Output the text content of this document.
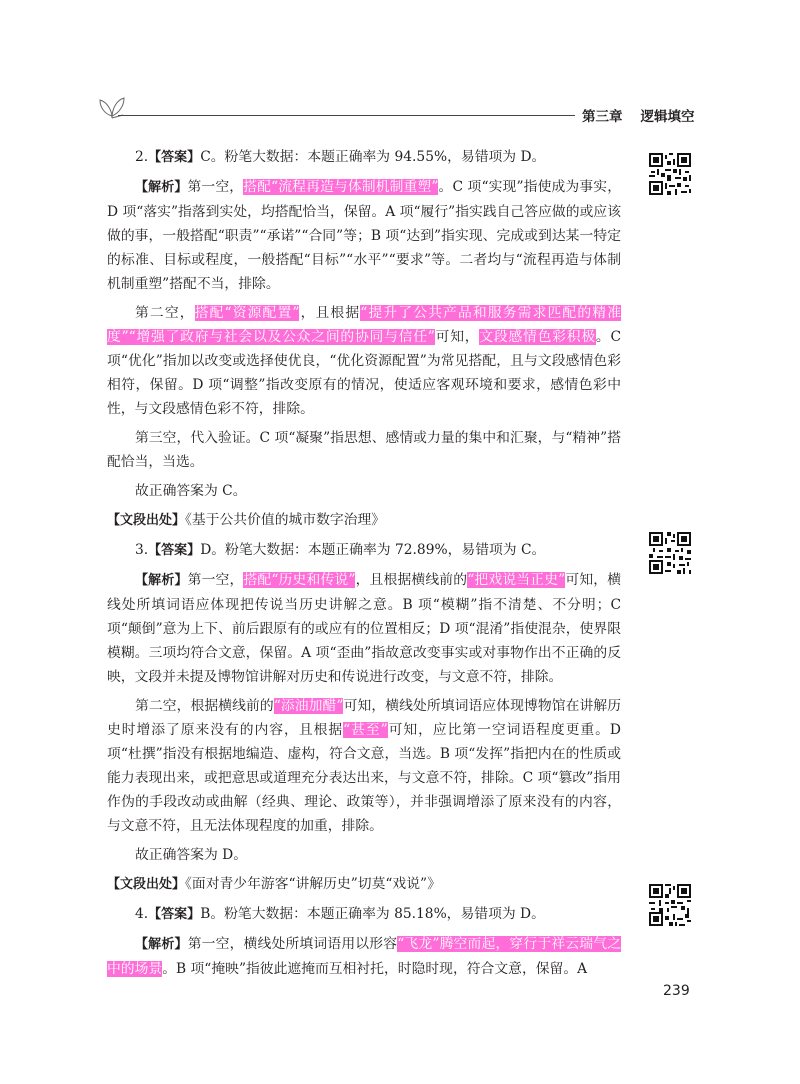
第三章 逻辑填空

2.【答案】C。粉笔大数据：本题正确率为 94.55%，易错项为 D。

【解析】第一空，搭配“流程再造与体制机制重塑”。C 项“实现”指使成为事实，D 项“落实”指落到实处，均搭配恰当，保留。A 项“履行”指实践自己答应做的或应该做的事，一般搭配“职责”“承诺”“合同”等；B 项“达到”指实现、完成或到达某一特定的标准、目标或程度，一般搭配“目标”“水平”“要求”等。二者均与“流程再造与体制机制重塑”搭配不当，排除。

第二空，搭配“资源配置”，且根据“提升了公共产品和服务需求匹配的精准度”“增强了政府与社会以及公众之间的协同与信任”可知，文段感情色彩积极。C 项“优化”指加以改变或选择使优良，“优化资源配置”为常见搭配，且与文段感情色彩相符，保留。D 项“调整”指改变原有的情况，使适应客观环境和要求，感情色彩中性，与文段感情色彩不符，排除。

第三空，代入验证。C 项“凝聚”指思想、感情或力量的集中和汇聚，与“精神”搭配恰当，当选。

故正确答案为 C。

【文段出处】《基于公共价值的城市数字治理》

3.【答案】D。粉笔大数据：本题正确率为 72.89%，易错项为 C。

【解析】第一空，搭配“历史和传说”，且根据横线前的“把戏说当正史”可知，横线处所填词语应体现把传说当历史讲解之意。B 项“模糊”指不清楚、不分明；C 项“颠倒”意为上下、前后跟原有的或应有的位置相反；D 项“混淆”指使混杂，使界限模糊。三项均符合文意，保留。A 项“歪曲”指故意改变事实或对事物作出不正确的反映，文段并未提及博物馆讲解对历史和传说进行改变，与文意不符，排除。

第二空，根据横线前的“添油加醋”可知，横线处所填词语应体现博物馆在讲解历史时增添了原来没有的内容，且根据“甚至”可知，应比第一空词语程度更重。D 项“杜撰”指没有根据地编造、虚构，符合文意，当选。B 项“发挥”指把内在的性质或能力表现出来，或把意思或道理充分表达出来，与文意不符，排除。C 项“篡改”指用作伪的手段改动或曲解（经典、理论、政策等），并非强调增添了原来没有的内容，与文意不符，且无法体现程度的加重，排除。

故正确答案为 D。

【文段出处】《面对青少年游客“讲解历史”切莫“戏说”》

4.【答案】B。粉笔大数据：本题正确率为 85.18%，易错项为 D。

【解析】第一空，横线处所填词语用以形容“飞龙”腾空而起，穿行于祥云瑞气之中的场景。B 项“掩映”指彼此遮掩而互相衬托，时隐时现，符合文意，保留。A

239
